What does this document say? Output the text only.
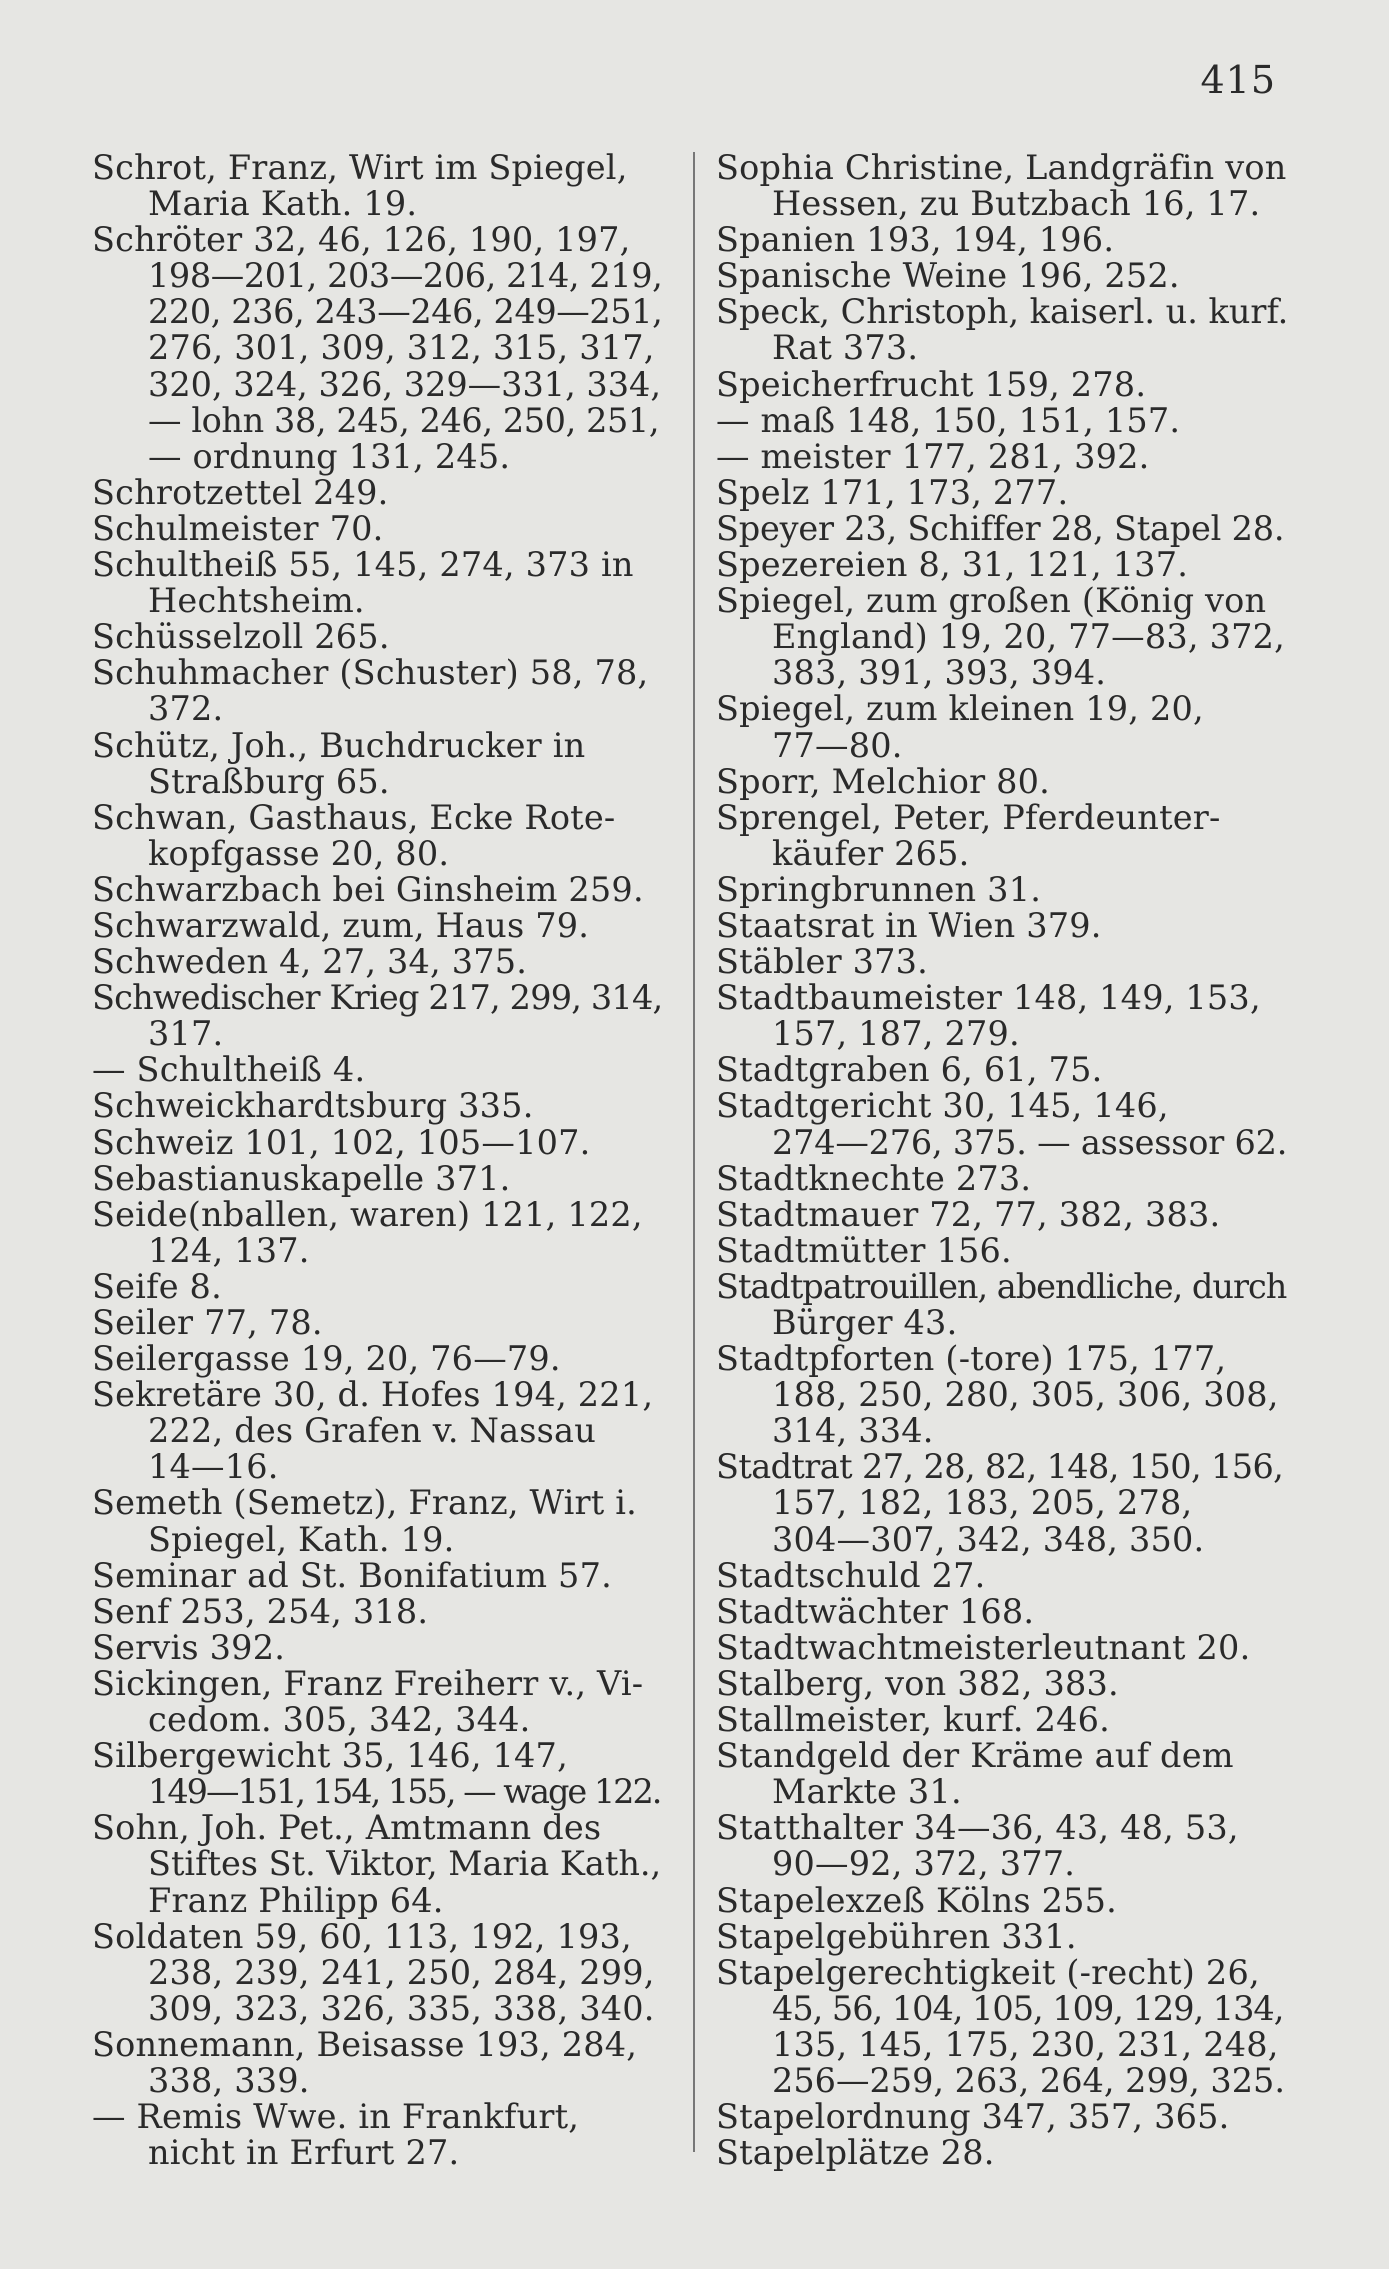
415
Schrot, Franz, Wirt im Spiegel,
Maria Kath. 19.
Schröter 32, 46, 126, 190, 197,
198—201, 203—206, 214, 219,
220, 236, 243—246, 249—251,
276, 301, 309, 312, 315, 317,
320, 324, 326, 329—331, 334,
— lohn 38, 245, 246, 250, 251,
— ordnung 131, 245.
Schrotzettel 249.
Schulmeister 70.
Schultheiß 55, 145, 274, 373 in
Hechtsheim.
Schüsselzoll 265.
Schuhmacher (Schuster) 58, 78,
372.
Schütz, Joh., Buchdrucker in
Straßburg 65.
Schwan, Gasthaus, Ecke Rote-
kopfgasse 20, 80.
Schwarzbach bei Ginsheim 259.
Schwarzwald, zum, Haus 79.
Schweden 4, 27, 34, 375.
Schwedischer Krieg 217, 299, 314,
317.
— Schultheiß 4.
Schweickhardtsburg 335.
Schweiz 101, 102, 105—107.
Sebastianuskapelle 371.
Seide(nballen, waren) 121, 122,
124, 137.
Seife 8.
Seiler 77, 78.
Seilergasse 19, 20, 76—79.
Sekretäre 30, d. Hofes 194, 221,
222, des Grafen v. Nassau
14—16.
Semeth (Semetz), Franz, Wirt i.
Spiegel, Kath. 19.
Seminar ad St. Bonifatium 57.
Senf 253, 254, 318.
Servis 392.
Sickingen, Franz Freiherr v., Vi-
cedom. 305, 342, 344.
Silbergewicht 35, 146, 147,
149—151, 154, 155, — wage 122.
Sohn, Joh. Pet., Amtmann des
Stiftes St. Viktor, Maria Kath.,
Franz Philipp 64.
Soldaten 59, 60, 113, 192, 193,
238, 239, 241, 250, 284, 299,
309, 323, 326, 335, 338, 340.
Sonnemann, Beisasse 193, 284,
338, 339.
— Remis Wwe. in Frankfurt,
nicht in Erfurt 27.
Sophia Christine, Landgräfin von
Hessen, zu Butzbach 16, 17.
Spanien 193, 194, 196.
Spanische Weine 196, 252.
Speck, Christoph, kaiserl. u. kurf.
Rat 373.
Speicherfrucht 159, 278.
— maß 148, 150, 151, 157.
— meister 177, 281, 392.
Spelz 171, 173, 277.
Speyer 23, Schiffer 28, Stapel 28.
Spezereien 8, 31, 121, 137.
Spiegel, zum großen (König von
England) 19, 20, 77—83, 372,
383, 391, 393, 394.
Spiegel, zum kleinen 19, 20,
77—80.
Sporr, Melchior 80.
Sprengel, Peter, Pferdeunter-
käufer 265.
Springbrunnen 31.
Staatsrat in Wien 379.
Stäbler 373.
Stadtbaumeister 148, 149, 153,
157, 187, 279.
Stadtgraben 6, 61, 75.
Stadtgericht 30, 145, 146,
274—276, 375. — assessor 62.
Stadtknechte 273.
Stadtmauer 72, 77, 382, 383.
Stadtmütter 156.
Stadtpatrouillen, abendliche, durch
Bürger 43.
Stadtpforten (-tore) 175, 177,
188, 250, 280, 305, 306, 308,
314, 334.
Stadtrat 27, 28, 82, 148, 150, 156,
157, 182, 183, 205, 278,
304—307, 342, 348, 350.
Stadtschuld 27.
Stadtwächter 168.
Stadtwachtmeisterleutnant 20.
Stalberg, von 382, 383.
Stallmeister, kurf. 246.
Standgeld der Kräme auf dem
Markte 31.
Statthalter 34—36, 43, 48, 53,
90—92, 372, 377.
Stapelexzeß Kölns 255.
Stapelgebühren 331.
Stapelgerechtigkeit (-recht) 26,
45, 56, 104, 105, 109, 129, 134,
135, 145, 175, 230, 231, 248,
256—259, 263, 264, 299, 325.
Stapelordnung 347, 357, 365.
Stapelplätze 28.
